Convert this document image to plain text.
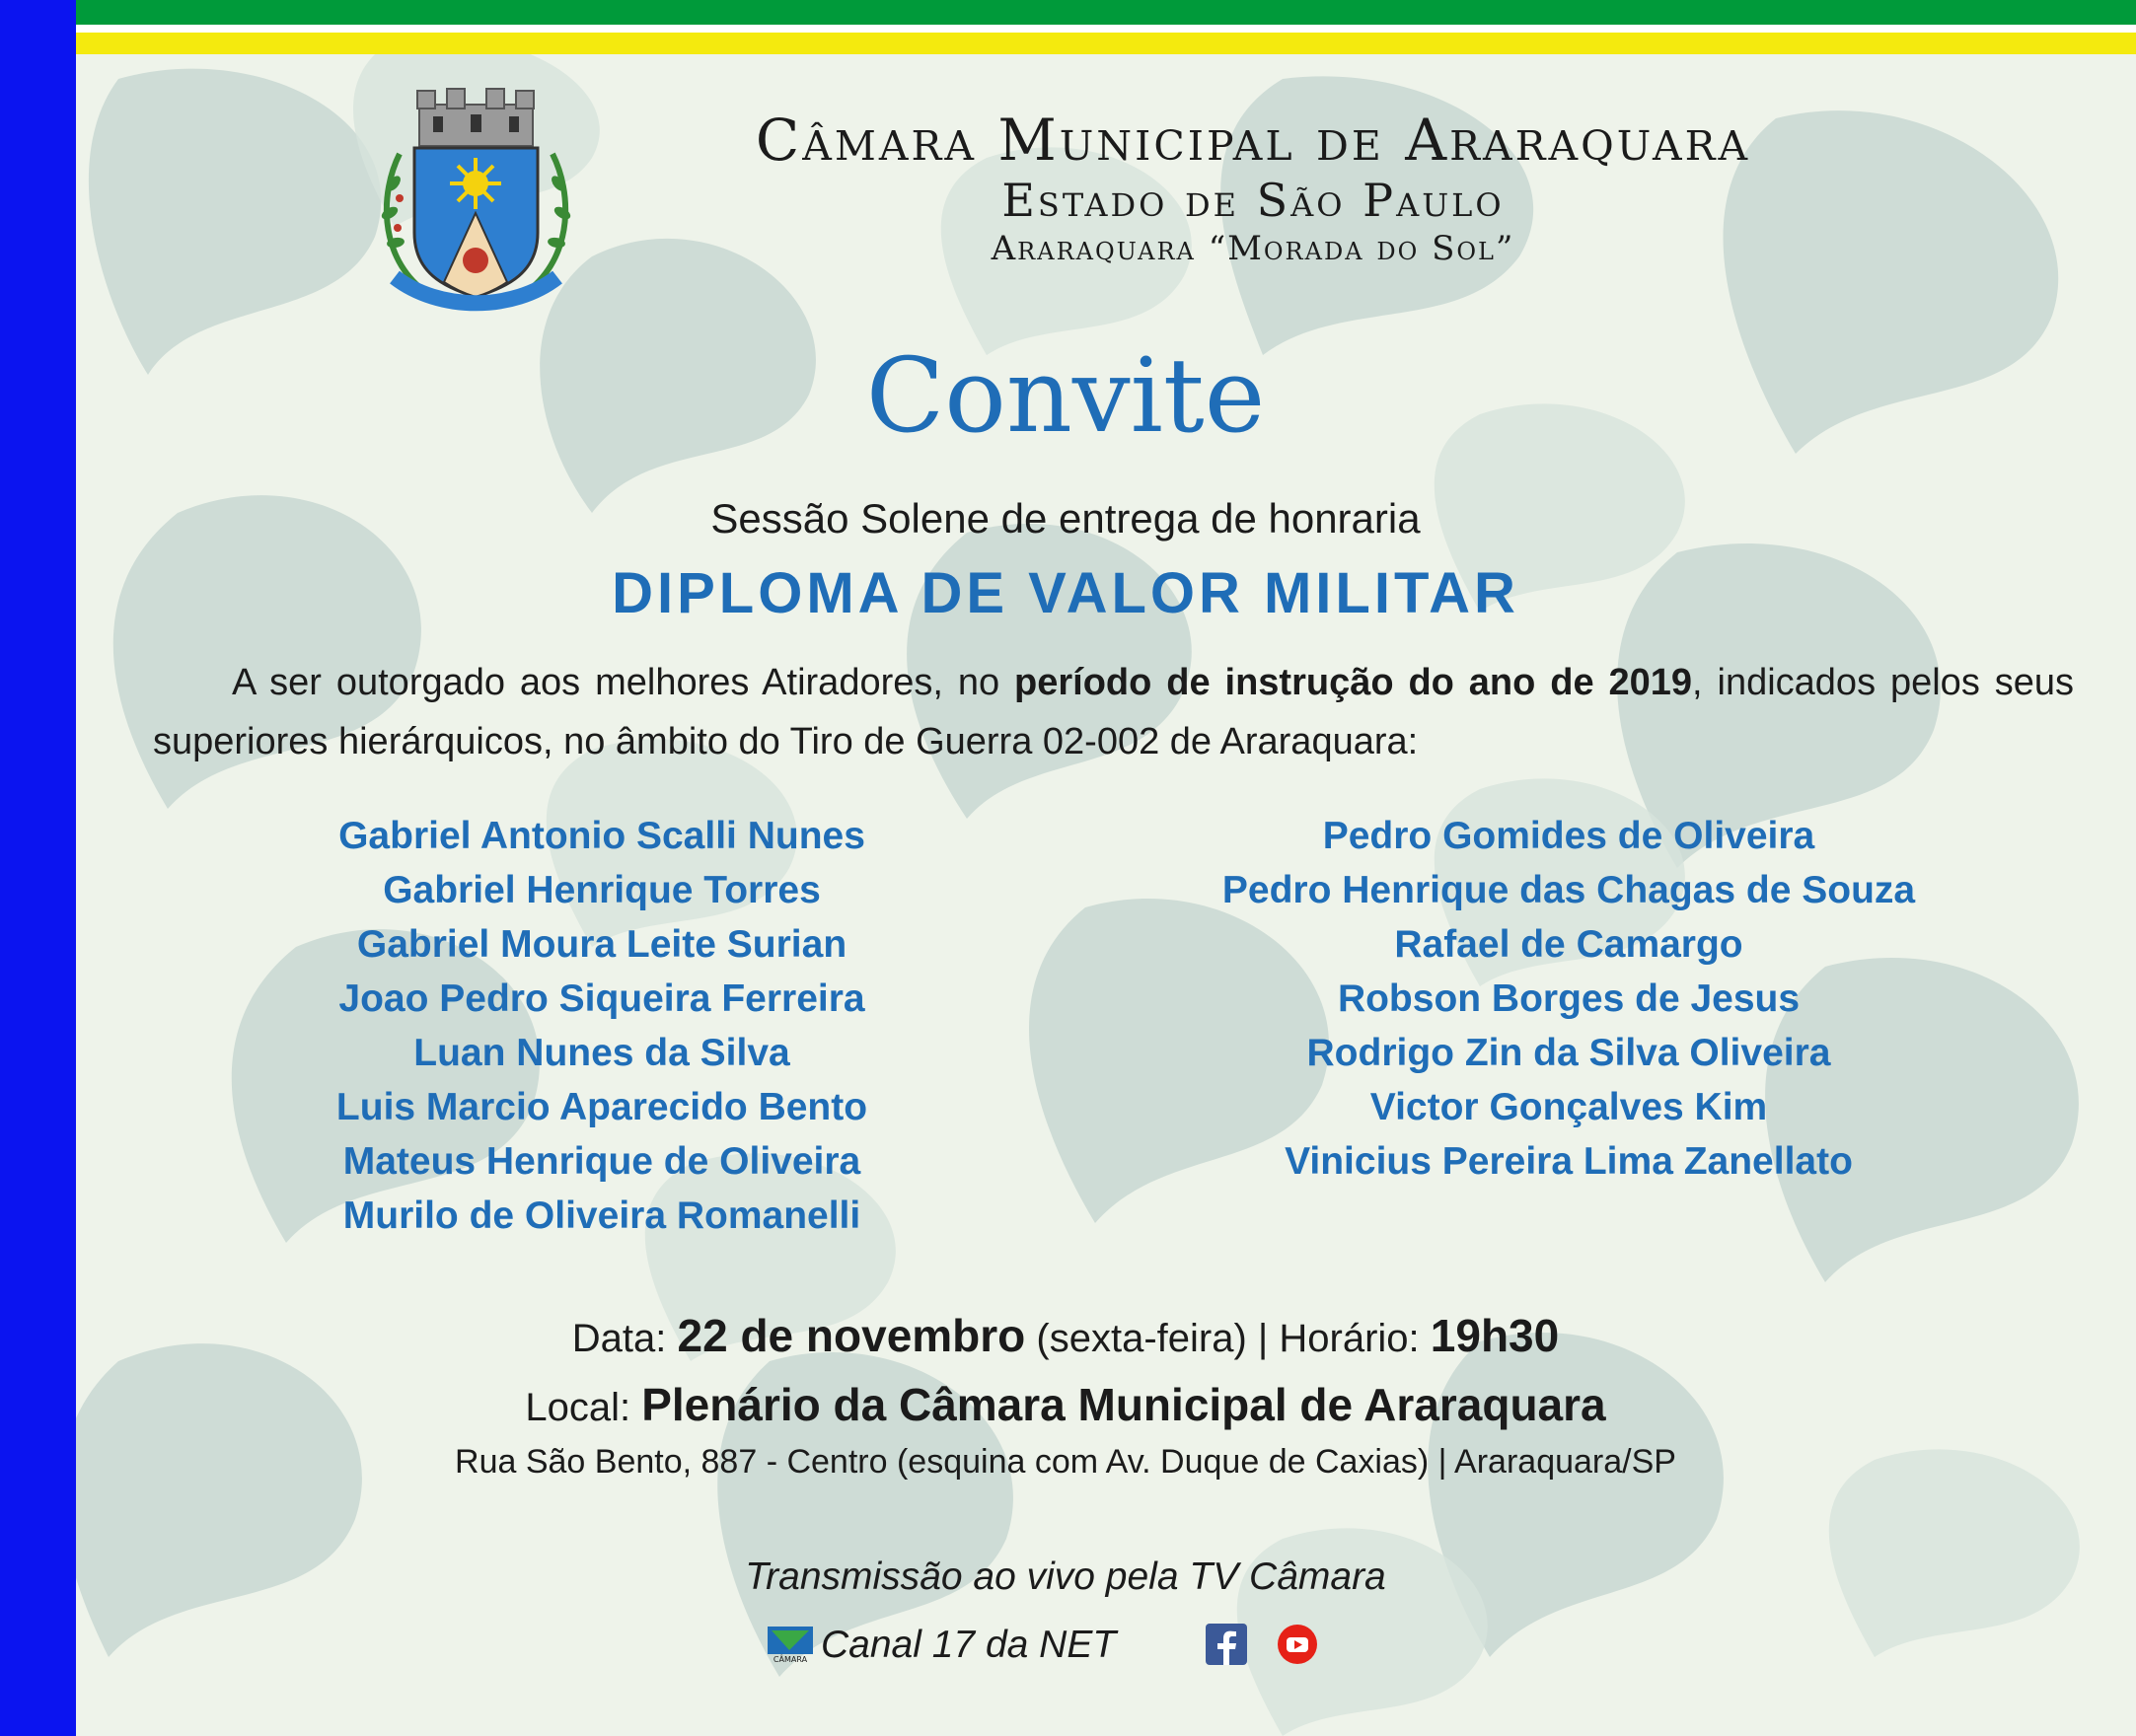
Câmara Municipal de Araraquara
Estado de São Paulo
Araraquara “Morada do Sol”
Convite
Sessão Solene de entrega de honraria
DIPLOMA DE VALOR MILITAR
A ser outorgado aos melhores Atiradores, no período de instrução do ano de 2019, indicados pelos seus superiores hierárquicos, no âmbito do Tiro de Guerra 02-002 de Araraquara:
Gabriel Antonio Scalli Nunes
Gabriel Henrique Torres
Gabriel Moura Leite Surian
Joao Pedro Siqueira Ferreira
Luan Nunes da Silva
Luis Marcio Aparecido Bento
Mateus Henrique de Oliveira
Murilo de Oliveira Romanelli
Pedro Gomides de Oliveira
Pedro Henrique das Chagas de Souza
Rafael de Camargo
Robson Borges de Jesus
Rodrigo Zin da Silva Oliveira
Victor Gonçalves Kim
Vinicius Pereira Lima Zanellato
Data: 22 de novembro (sexta-feira) | Horário: 19h30
Local: Plenário da Câmara Municipal de Araraquara
Rua São Bento, 887 - Centro (esquina com Av. Duque de Caxias) | Araraquara/SP
Transmissão ao vivo pela TV Câmara
CÂMARA Canal 17 da NET
